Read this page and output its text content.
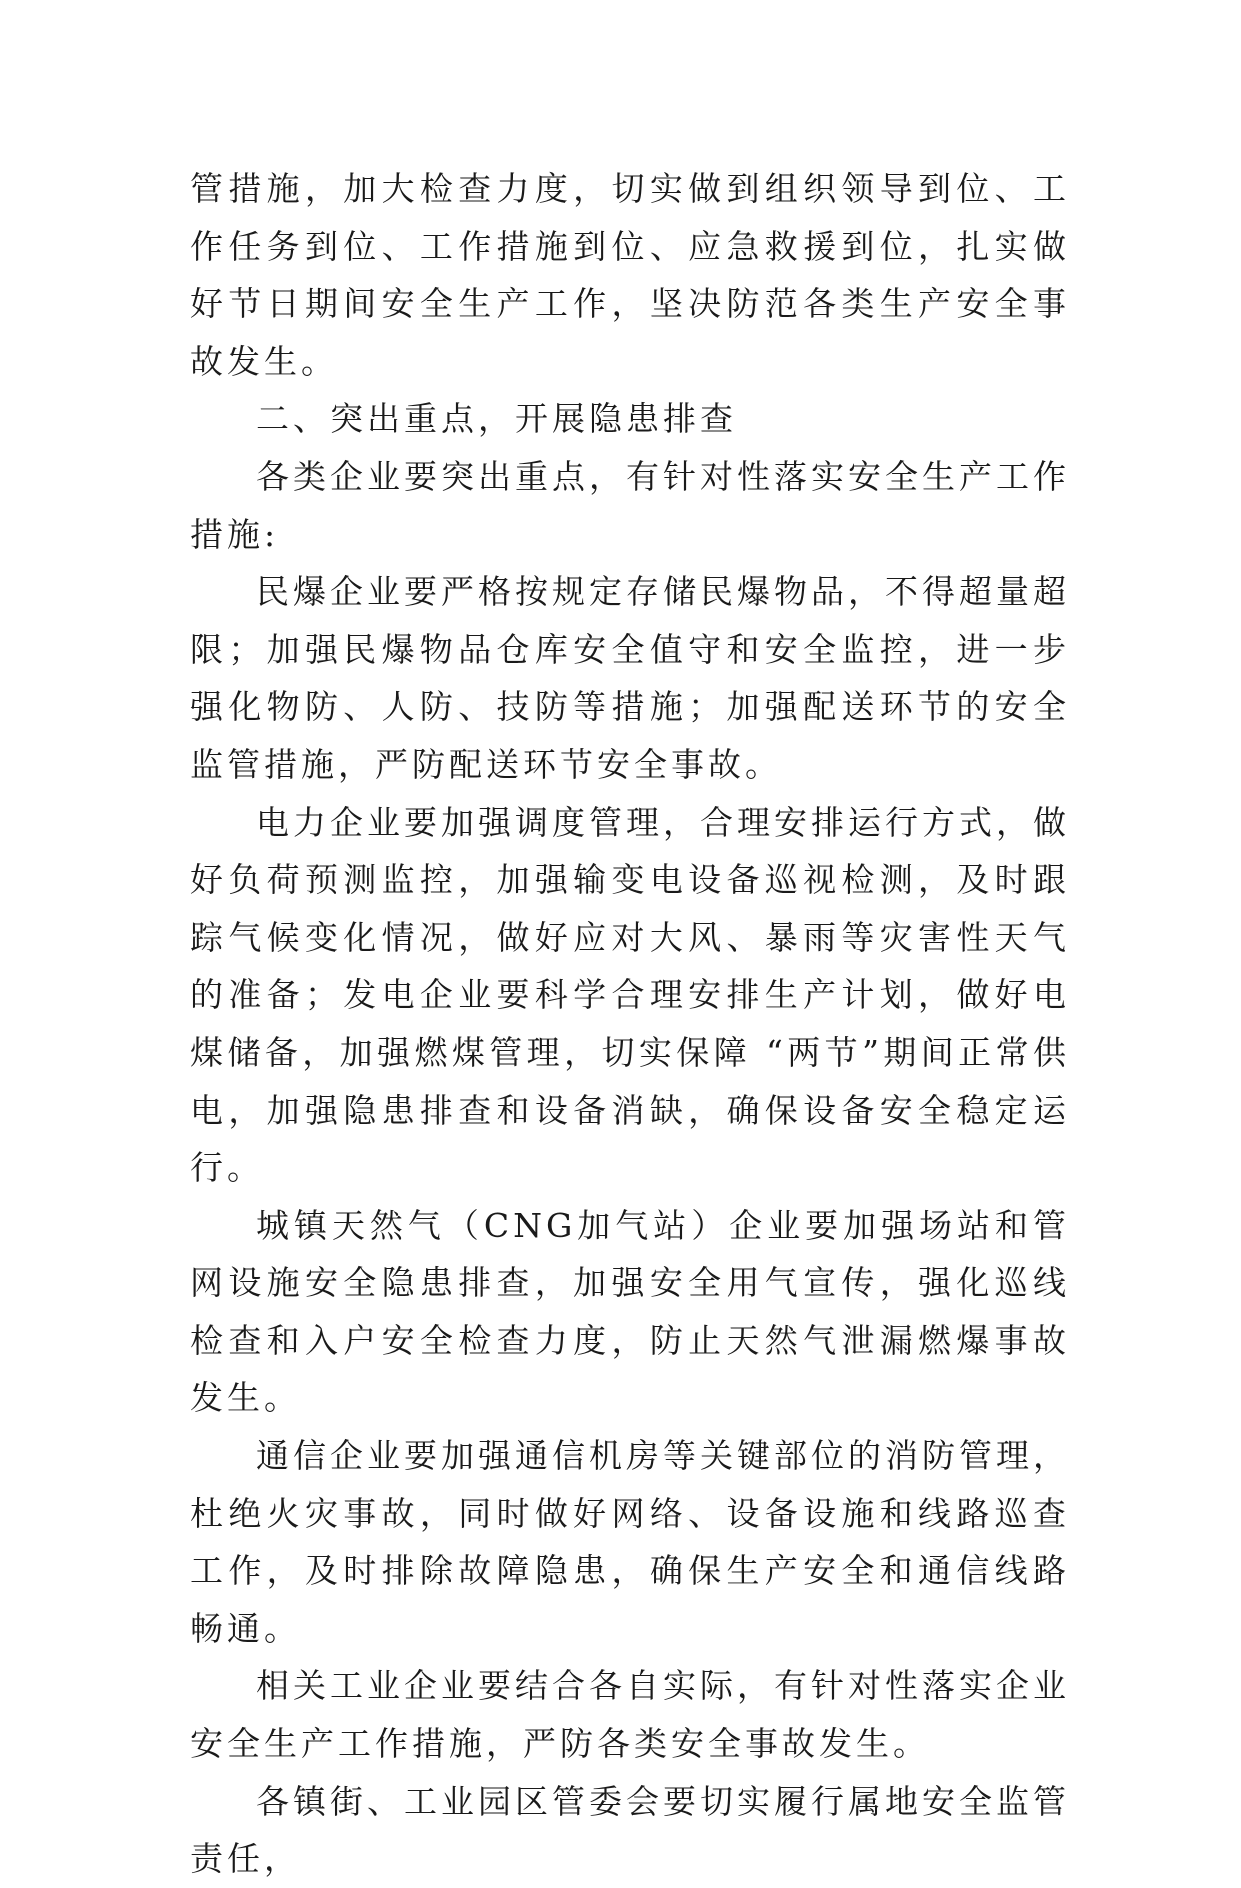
管措施，加大检查力度，切实做到组织领导到位、工作任务到位、工作措施到位、应急救援到位，扎实做好节日期间安全生产工作，坚决防范各类生产安全事故发生。

二、突出重点，开展隐患排查

各类企业要突出重点，有针对性落实安全生产工作措施:

民爆企业要严格按规定存储民爆物品，不得超量超限；加强民爆物品仓库安全值守和安全监控，进一步强化物防、人防、技防等措施；加强配送环节的安全监管措施，严防配送环节安全事故。

电力企业要加强调度管理，合理安排运行方式，做好负荷预测监控，加强输变电设备巡视检测，及时跟踪气候变化情况，做好应对大风、暴雨等灾害性天气的准备；发电企业要科学合理安排生产计划，做好电煤储备，加强燃煤管理，切实保障 “两节”期间正常供电，加强隐患排查和设备消缺，确保设备安全稳定运行。

城镇天然气（CNG加气站）企业要加强场站和管网设施安全隐患排查，加强安全用气宣传，强化巡线检查和入户安全检查力度，防止天然气泄漏燃爆事故发生。

通信企业要加强通信机房等关键部位的消防管理，杜绝火灾事故，同时做好网络、设备设施和线路巡查工作，及时排除故障隐患，确保生产安全和通信线路畅通。

相关工业企业要结合各自实际，有针对性落实企业安全生产工作措施，严防各类安全事故发生。

各镇街、工业园区管委会要切实履行属地安全监管责任，
